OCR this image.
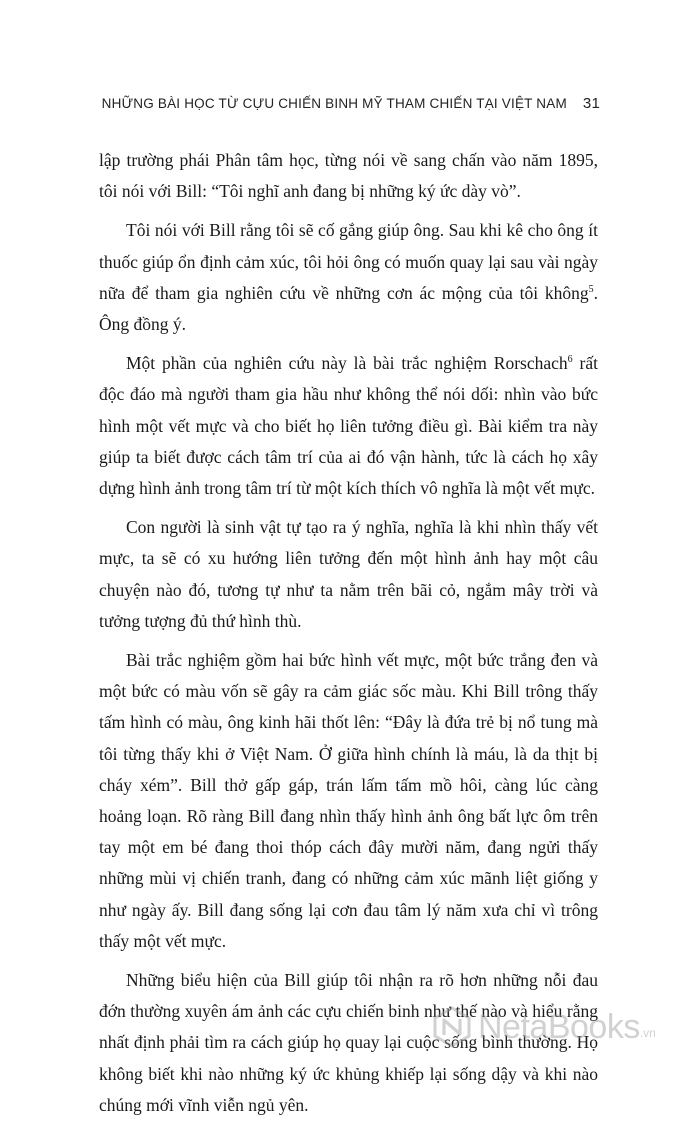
NHỮNG BÀI HỌC TỪ CỰU CHIẾN BINH MỸ THAM CHIẾN TẠI VIỆT NAM 31

lập trường phái Phân tâm học, từng nói về sang chấn vào năm 1895, tôi nói với Bill: “Tôi nghĩ anh đang bị những ký ức dày vò”.

Tôi nói với Bill rằng tôi sẽ cố gắng giúp ông. Sau khi kê cho ông ít thuốc giúp ổn định cảm xúc, tôi hỏi ông có muốn quay lại sau vài ngày nữa để tham gia nghiên cứu về những cơn ác mộng của tôi không$^5$. Ông đồng ý.

Một phần của nghiên cứu này là bài trắc nghiệm Rorschach$^6$ rất độc đáo mà người tham gia hầu như không thể nói dối: nhìn vào bức hình một vết mực và cho biết họ liên tưởng điều gì. Bài kiểm tra này giúp ta biết được cách tâm trí của ai đó vận hành, tức là cách họ xây dựng hình ảnh trong tâm trí từ một kích thích vô nghĩa là một vết mực.

Con người là sinh vật tự tạo ra ý nghĩa, nghĩa là khi nhìn thấy vết mực, ta sẽ có xu hướng liên tưởng đến một hình ảnh hay một câu chuyện nào đó, tương tự như ta nằm trên bãi cỏ, ngắm mây trời và tưởng tượng đủ thứ hình thù.

Bài trắc nghiệm gồm hai bức hình vết mực, một bức trắng đen và một bức có màu vốn sẽ gây ra cảm giác sốc màu. Khi Bill trông thấy tấm hình có màu, ông kinh hãi thốt lên: “Đây là đứa trẻ bị nổ tung mà tôi từng thấy khi ở Việt Nam. Ở giữa hình chính là máu, là da thịt bị cháy xém”. Bill thở gấp gáp, trán lấm tấm mồ hôi, càng lúc càng hoảng loạn. Rõ ràng Bill đang nhìn thấy hình ảnh ông bất lực ôm trên tay một em bé đang thoi thóp cách đây mười năm, đang ngửi thấy những mùi vị chiến tranh, đang có những cảm xúc mãnh liệt giống y như ngày ấy. Bill đang sống lại cơn đau tâm lý năm xưa chỉ vì trông thấy một vết mực.

Những biểu hiện của Bill giúp tôi nhận ra rõ hơn những nỗi đau đớn thường xuyên ám ảnh các cựu chiến binh như thế nào và hiểu rằng nhất định phải tìm ra cách giúp họ quay lại cuộc sống bình thường. Họ không biết khi nào những ký ức khủng khiếp lại sống dậy và khi nào chúng mới vĩnh viễn ngủ yên.

NetaBooks .vn
